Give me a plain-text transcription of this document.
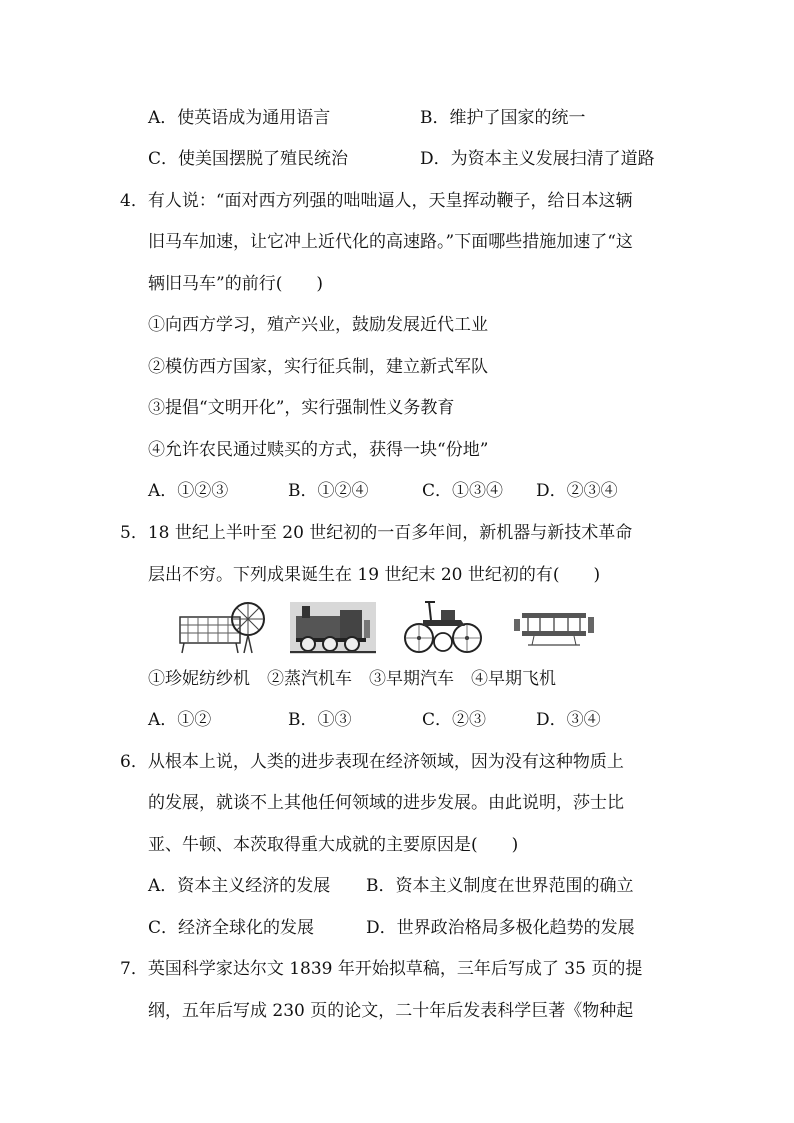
A．使英语成为通用语言	B．维护了国家的统一
C．使美国摆脱了殖民统治	D．为资本主义发展扫清了道路
4．有人说：“面对西方列强的咄咄逼人，天皇挥动鞭子，给日本这辆
旧马车加速，让它冲上近代化的高速路。”下面哪些措施加速了“这
辆旧马车”的前行(　　)
①向西方学习，殖产兴业，鼓励发展近代工业
②模仿西方国家，实行征兵制，建立新式军队
③提倡“文明开化”，实行强制性义务教育
④允许农民通过赎买的方式，获得一块“份地”
A．①②③	B．①②④	C．①③④ D．②③④
5．18 世纪上半叶至 20 世纪初的一百多年间，新机器与新技术革命
层出不穷。下列成果诞生在 19 世纪末 20 世纪初的有(　　)
①珍妮纺纱机　②蒸汽机车　③早期汽车　④早期飞机
A．①②	B．①③	C．②③	D．③④
6．从根本上说，人类的进步表现在经济领域，因为没有这种物质上
的发展，就谈不上其他任何领域的进步发展。由此说明，莎士比
亚、牛顿、本茨取得重大成就的主要原因是(　　)
A．资本主义经济的发展 B．资本主义制度在世界范围的确立
C．经济全球化的发展	D．世界政治格局多极化趋势的发展
7．英国科学家达尔文 1839 年开始拟草稿，三年后写成了 35 页的提
纲，五年后写成 230 页的论文，二十年后发表科学巨著《物种起
